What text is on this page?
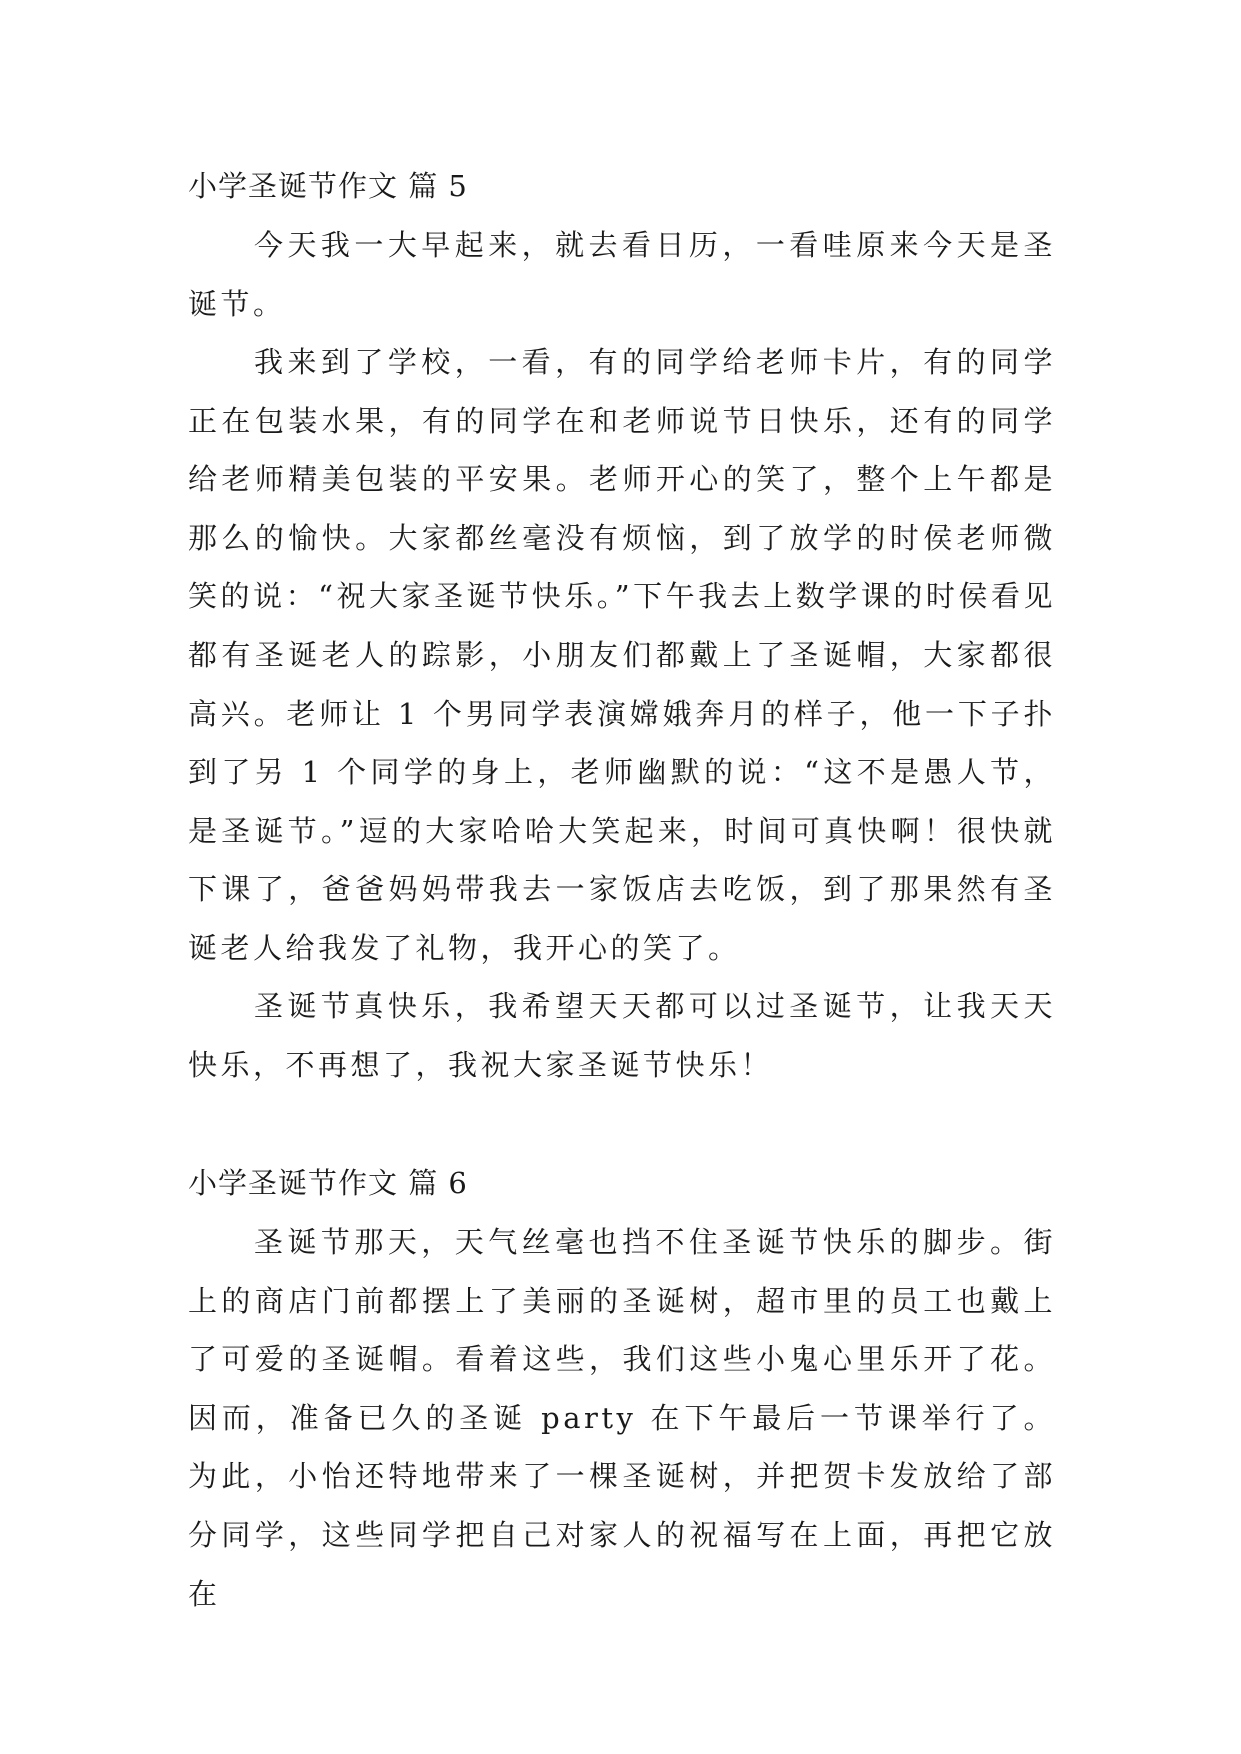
小学圣诞节作文 篇 5

今天我一大早起来，就去看日历，一看哇原来今天是圣诞节。

我来到了学校，一看，有的同学给老师卡片，有的同学正在包装水果，有的同学在和老师说节日快乐，还有的同学给老师精美包装的平安果。老师开心的笑了，整个上午都是那么的愉快。大家都丝毫没有烦恼，到了放学的时侯老师微笑的说：“祝大家圣诞节快乐。”下午我去上数学课的时侯看见都有圣诞老人的踪影，小朋友们都戴上了圣诞帽，大家都很高兴。老师让 1 个男同学表演嫦娥奔月的样子，他一下子扑到了另 1 个同学的身上，老师幽默的说：“这不是愚人节，是圣诞节。”逗的大家哈哈大笑起来，时间可真快啊！很快就下课了，爸爸妈妈带我去一家饭店去吃饭，到了那果然有圣诞老人给我发了礼物，我开心的笑了。

圣诞节真快乐，我希望天天都可以过圣诞节，让我天天快乐，不再想了，我祝大家圣诞节快乐！

小学圣诞节作文 篇 6

圣诞节那天，天气丝毫也挡不住圣诞节快乐的脚步。街上的商店门前都摆上了美丽的圣诞树，超市里的员工也戴上了可爱的圣诞帽。看着这些，我们这些小鬼心里乐开了花。因而，准备已久的圣诞 party 在下午最后一节课举行了。为此，小怡还特地带来了一棵圣诞树，并把贺卡发放给了部分同学，这些同学把自己对家人的祝福写在上面，再把它放在
